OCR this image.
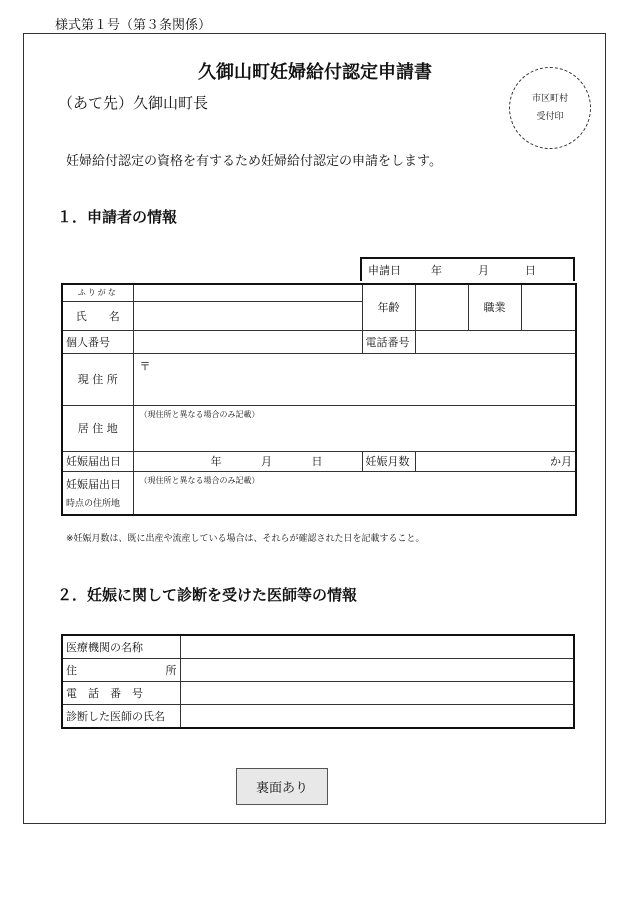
様式第１号（第３条関係）
久御山町妊婦給付認定申請書
（あて先）久御山町長	市区町村
受付印
妊婦給付認定の資格を有するため妊婦給付認定の申請をします。
１．申請者の情報
申請日	年	月	日
ふりがな		年齢		職業	
氏　　名					
個人番号		電話番号			
現 住 所	〒				
居 住 地	（現住所と異なる場合のみ記載）				
妊娠届出日	年 月 日	妊娠月数	か月		

妊娠届出日
時点の住所地	（現住所と異なる場合のみ記載）				
※妊娠月数は、既に出産や流産している場合は、それらが確認された日を記載すること。
２．妊娠に関して診断を受けた医師等の情報
医療機関の名称	
住 所	

電　話　番　号	
診断した医師の氏名	
裏面あり
